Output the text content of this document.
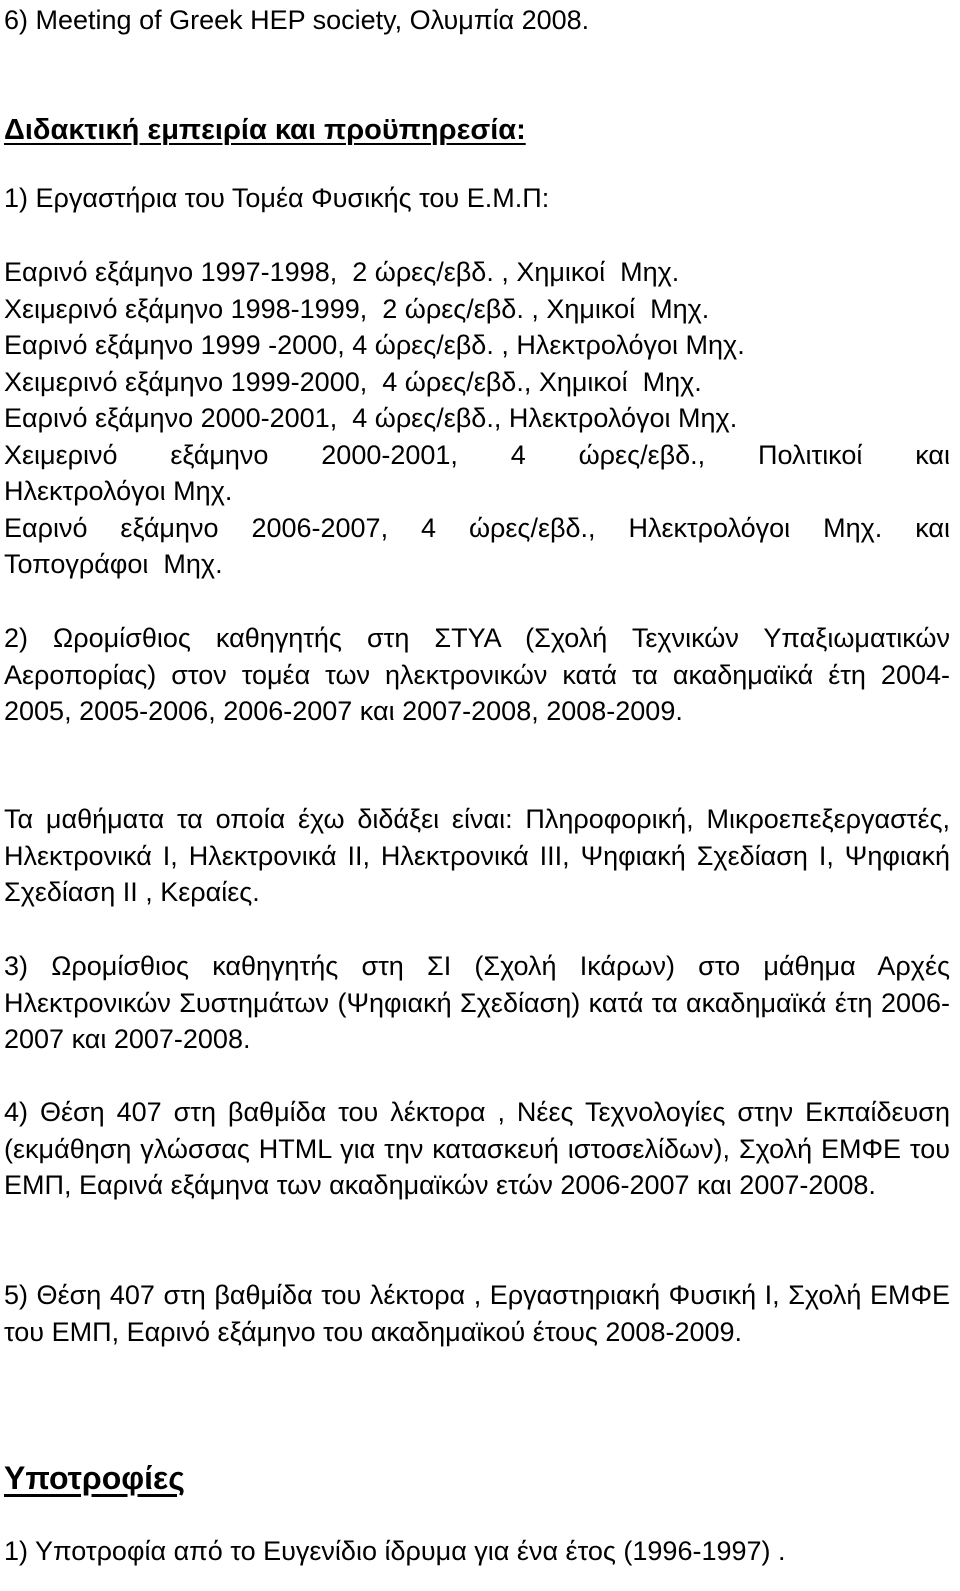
6) Meeting of Greek HEP society, Ολυμπία 2008.

Διδακτική εμπειρία και προϋπηρεσία:

1) Εργαστήρια του Τομέα Φυσικής του Ε.Μ.Π:

Εαρινό εξάμηνο 1997-1998,  2 ώρες/εβδ. , Χημικοί  Μηχ.

Χειμερινό εξάμηνο 1998-1999,  2 ώρες/εβδ. , Χημικοί  Μηχ.

Εαρινό εξάμηνο 1999 -2000, 4 ώρες/εβδ. , Ηλεκτρολόγοι Μηχ.

Χειμερινό εξάμηνο 1999-2000,  4 ώρες/εβδ., Χημικοί  Μηχ.

Εαρινό εξάμηνο 2000-2001,  4 ώρες/εβδ., Ηλεκτρολόγοι Μηχ.

Χειμερινό εξάμηνο 2000-2001, 4 ώρες/εβδ., Πολιτικοί και

Ηλεκτρολόγοι Μηχ.

Εαρινό εξάμηνο 2006-2007, 4 ώρες/εβδ., Ηλεκτρολόγοι Μηχ. και

Τοπογράφοι  Μηχ.

2) Ωρομίσθιος καθηγητής στη ΣΤΥΑ (Σχολή Τεχνικών Υπαξιωματικών Αεροπορίας) στον τομέα των ηλεκτρονικών κατά τα ακαδημαϊκά έτη 2004-2005, 2005-2006, 2006-2007 και 2007-2008, 2008-2009.

Τα μαθήματα τα οποία έχω διδάξει είναι: Πληροφορική, Μικροεπεξεργαστές, Ηλεκτρονικά Ι, Ηλεκτρονικά ΙΙ, Ηλεκτρονικά ΙΙΙ, Ψηφιακή Σχεδίαση Ι, Ψηφιακή Σχεδίαση ΙΙ , Κεραίες.

3) Ωρομίσθιος καθηγητής στη ΣΙ (Σχολή Ικάρων) στο μάθημα Αρχές Ηλεκτρονικών Συστημάτων (Ψηφιακή Σχεδίαση) κατά τα ακαδημαϊκά έτη 2006-2007 και 2007-2008.

4) Θέση 407 στη βαθμίδα του λέκτορα , Νέες Τεχνολογίες στην Εκπαίδευση (εκμάθηση γλώσσας HTML για την κατασκευή ιστοσελίδων), Σχολή ΕΜΦΕ του ΕΜΠ, Εαρινά εξάμηνα των ακαδημαϊκών ετών 2006-2007 και 2007-2008.

5) Θέση 407 στη βαθμίδα του λέκτορα , Εργαστηριακή Φυσική Ι, Σχολή ΕΜΦΕ του ΕΜΠ, Εαρινό εξάμηνο του ακαδημαϊκού έτους 2008-2009.

Υποτροφίες

1) Υποτροφία από το Ευγενίδιο ίδρυμα για ένα έτος (1996-1997) .
